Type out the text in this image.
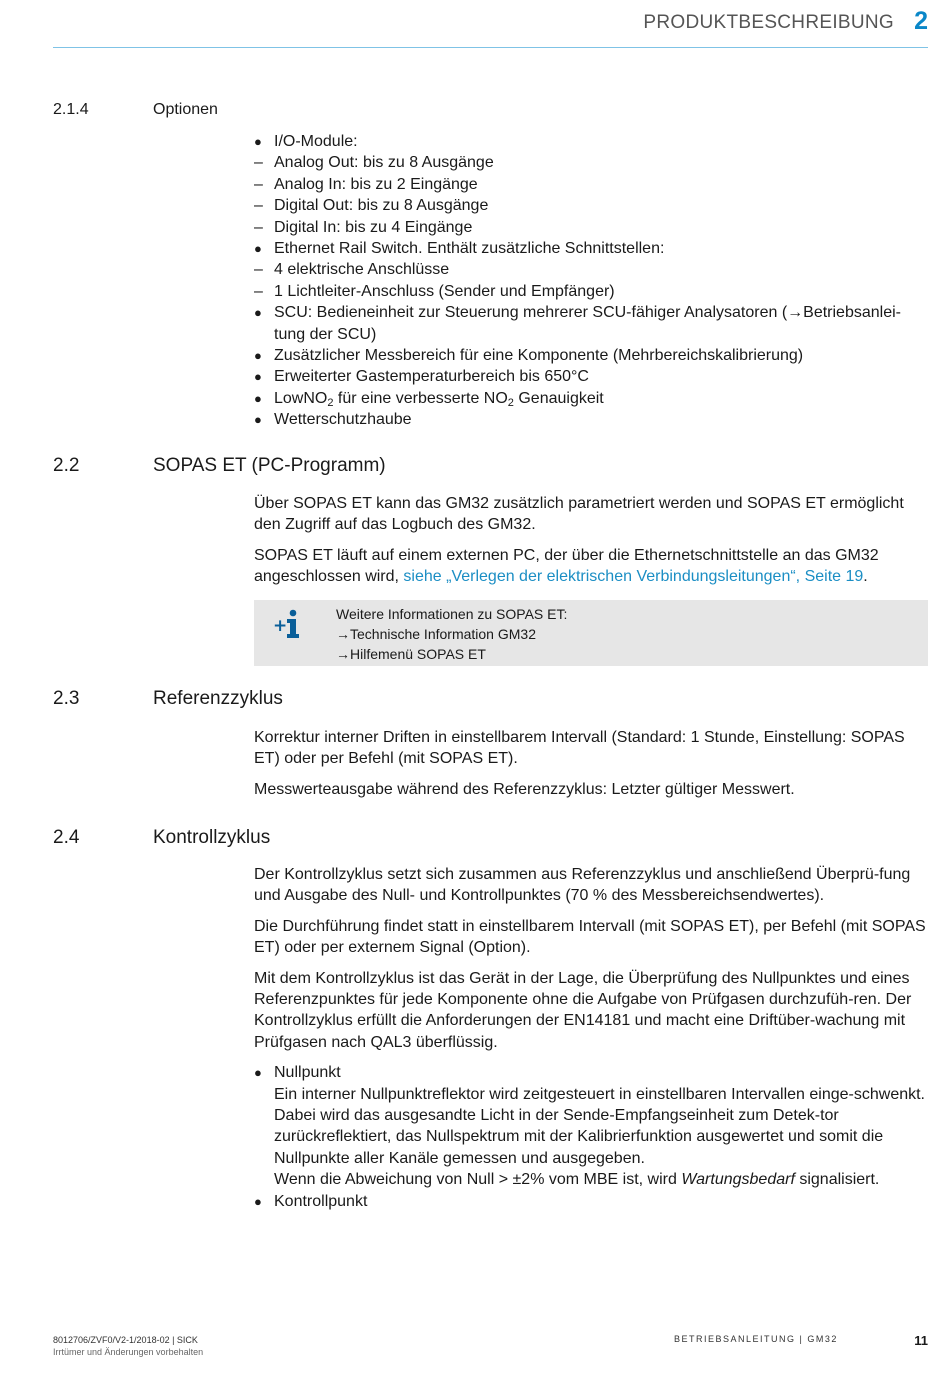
PRODUKTBESCHREIBUNG 2
2.1.4	Optionen
● I/O-Module:
– Analog Out: bis zu 8 Ausgänge
– Analog In: bis zu 2 Eingänge
– Digital Out: bis zu 8 Ausgänge
– Digital In: bis zu 4 Eingänge
● Ethernet Rail Switch. Enthält zusätzliche Schnittstellen:
– 4 elektrische Anschlüsse
– 1 Lichtleiter-Anschluss (Sender und Empfänger)
● SCU: Bedieneinheit zur Steuerung mehrerer SCU-fähiger Analysatoren (→Betriebsanlei-tung der SCU)
● Zusätzlicher Messbereich für eine Komponente (Mehrbereichskalibrierung)
● Erweiterter Gastemperaturbereich bis 650°C
● LowNO$_2$ für eine verbesserte $NO_2$ Genauigkeit
● Wetterschutzhaube
2.2	SOPAS ET (PC-Programm)

Über SOPAS ET kann das GM32 zusätzlich parametriert werden und SOPAS ET ermöglicht den Zugriff auf das Logbuch des GM32.

SOPAS ET läuft auf einem externen PC, der über die Ethernetschnittstelle an das GM32 angeschlossen wird, siehe „Verlegen der elektrischen Verbindungsleitungen“, Seite 19.

+
Weitere Informationen zu SOPAS ET:
→Technische Information GM32
→Hilfemenü SOPAS ET
2.3	Referenzzyklus

Korrektur interner Driften in einstellbarem Intervall (Standard: 1 Stunde, Einstellung: SOPAS ET) oder per Befehl (mit SOPAS ET).

Messwerteausgabe während des Referenzzyklus: Letzter gültiger Messwert.

2.4	Kontrollzyklus

Der Kontrollzyklus setzt sich zusammen aus Referenzzyklus und anschließend Überprü-fung und Ausgabe des Null- und Kontrollpunktes (70 % des Messbereichsendwertes).

Die Durchführung findet statt in einstellbarem Intervall (mit SOPAS ET), per Befehl (mit SOPAS ET) oder per externem Signal (Option).

Mit dem Kontrollzyklus ist das Gerät in der Lage, die Überprüfung des Nullpunktes und eines Referenzpunktes für jede Komponente ohne die Aufgabe von Prüfgasen durchzufüh-ren. Der Kontrollzyklus erfüllt die Anforderungen der EN14181 und macht eine Driftüber-wachung mit Prüfgasen nach QAL3 überflüssig.

● Nullpunkt
Ein interner Nullpunktreflektor wird zeitgesteuert in einstellbaren Intervallen einge-schwenkt. Dabei wird das ausgesandte Licht in der Sende-Empfangseinheit zum Detek-tor zurückreflektiert, das Nullspektrum mit der Kalibrierfunktion ausgewertet und somit die Nullpunkte aller Kanäle gemessen und ausgegeben.
Wenn die Abweichung von Null > ±2% vom MBE ist, wird Wartungsbedarf signalisiert.
● Kontrollpunkt
8012706/ZVF0/V2-1/2018-02 | SICK
Irrtümer und Änderungen vorbehalten
BETRIEBSANLEITUNG | GM32	11
